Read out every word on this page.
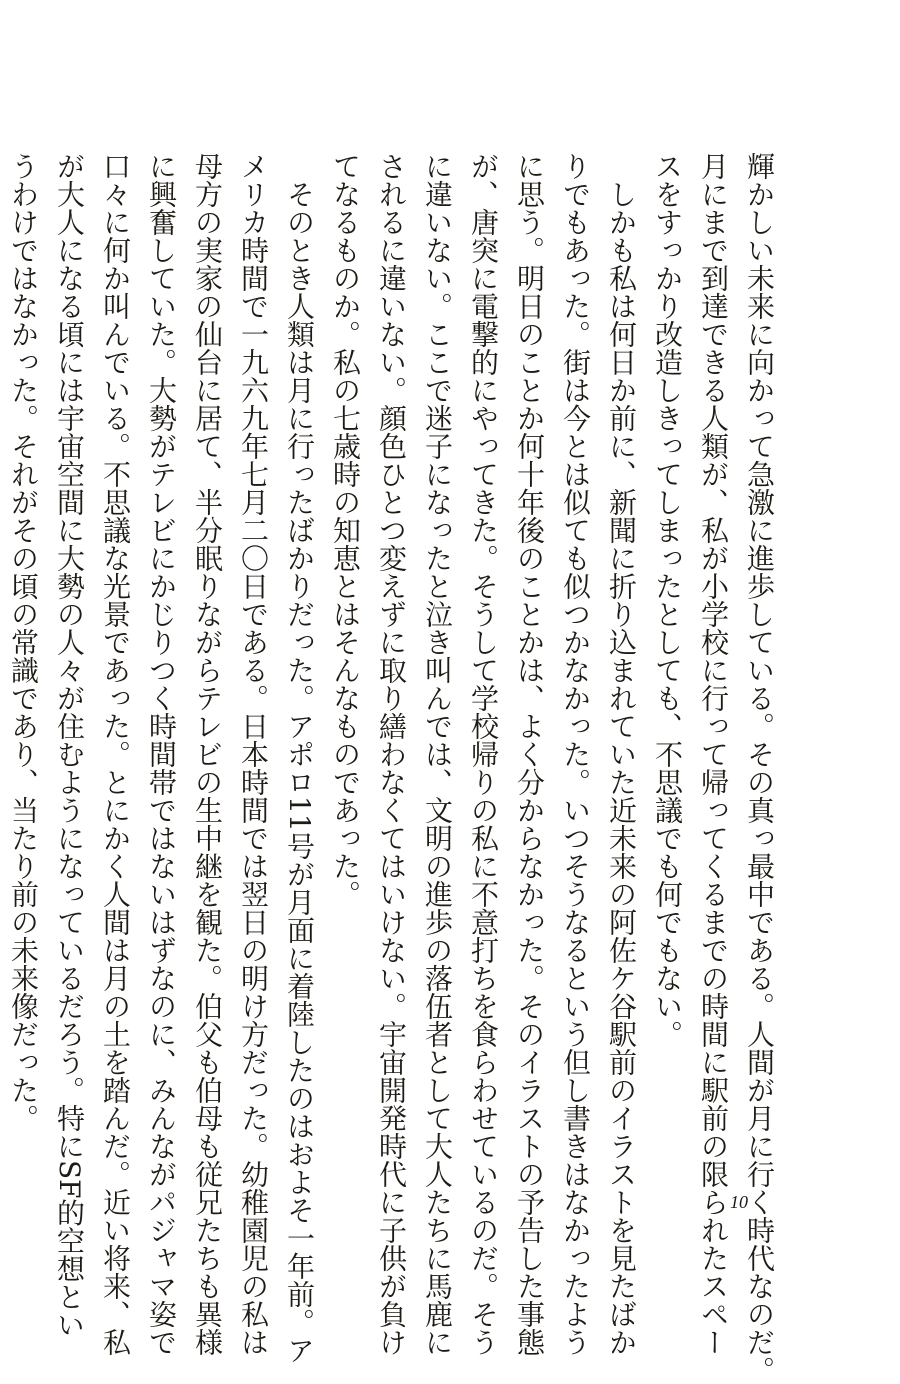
輝かしい未来に向かって急激に進歩している。その真っ最中である。人間が月に行く時代なのだ。
月にまで到達できる人類が、私が小学校に行って帰ってくるまでの時間に駅前の限られたスペー
スをすっかり改造しきってしまったとしても、不思議でも何でもない。
　しかも私は何日か前に、新聞に折り込まれていた近未来の阿佐ケ谷駅前のイラストを見たばか
りでもあった。街は今とは似ても似つかなかった。いつそうなるという但し書きはなかったよう
に思う。明日のことか何十年後のことかは、よく分からなかった。そのイラストの予告した事態
が、唐突に電撃的にやってきた。そうして学校帰りの私に不意打ちを食らわせているのだ。そう
に違いない。ここで迷子になったと泣き叫んでは、文明の進歩の落伍者として大人たちに馬鹿に
されるに違いない。顔色ひとつ変えずに取り繕わなくてはいけない。宇宙開発時代に子供が負け
てなるものか。私の七歳時の知恵とはそんなものであった。
　そのとき人類は月に行ったばかりだった。アポロ11号が月面に着陸したのはおよそ一年前。ア
メリカ時間で一九六九年七月二〇日である。日本時間では翌日の明け方だった。幼稚園児の私は
母方の実家の仙台に居て、半分眠りながらテレビの生中継を観た。伯父も伯母も従兄たちも異様
に興奮していた。大勢がテレビにかじりつく時間帯ではないはずなのに、みんながパジャマ姿で
口々に何か叫んでいる。不思議な光景であった。とにかく人間は月の土を踏んだ。近い将来、私
が大人になる頃には宇宙空間に大勢の人々が住むようになっているだろう。特にSF的空想とい
うわけではなかった。それがその頃の常識であり、当たり前の未来像だった。
10
